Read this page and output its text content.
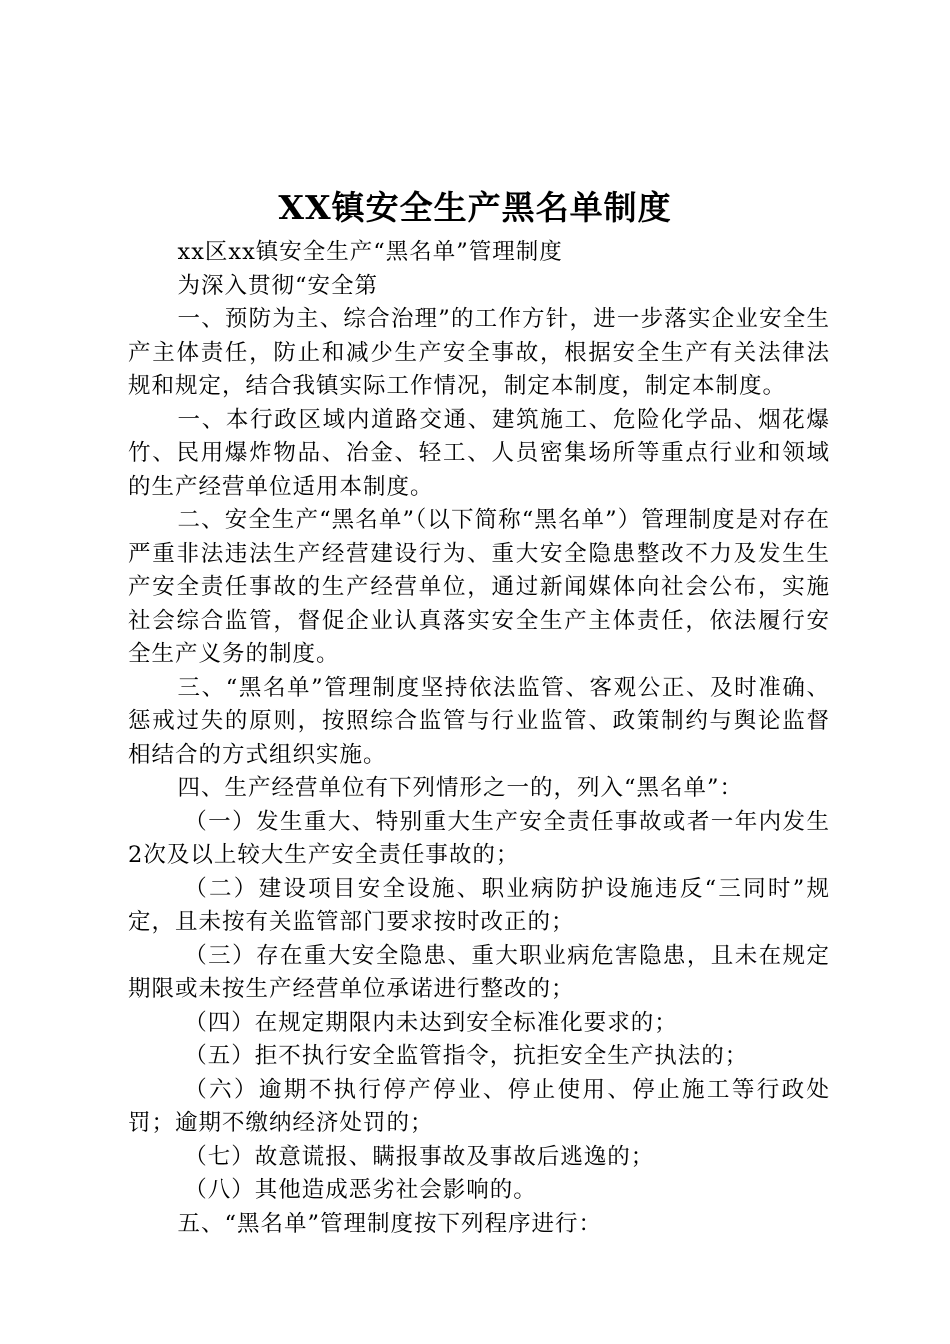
XX镇安全生产黑名单制度

xx区xx镇安全生产“黑名单”管理制度

为深入贯彻“安全第

一、预防为主、综合治理”的工作方针，进一步落实企业安全生产主体责任，防止和减少生产安全事故，根据安全生产有关法律法规和规定，结合我镇实际工作情况，制定本制度，制定本制度。

一、本行政区域内道路交通、建筑施工、危险化学品、烟花爆竹、民用爆炸物品、冶金、轻工、人员密集场所等重点行业和领域的生产经营单位适用本制度。

二、安全生产“黑名单”（以下简称“黑名单”）管理制度是对存在严重非法违法生产经营建设行为、重大安全隐患整改不力及发生生产安全责任事故的生产经营单位，通过新闻媒体向社会公布，实施社会综合监管，督促企业认真落实安全生产主体责任，依法履行安全生产义务的制度。

三、“黑名单”管理制度坚持依法监管、客观公正、及时准确、惩戒过失的原则，按照综合监管与行业监管、政策制约与舆论监督相结合的方式组织实施。

四、生产经营单位有下列情形之一的，列入“黑名单”：

（一）发生重大、特别重大生产安全责任事故或者一年内发生2次及以上较大生产安全责任事故的；

（二）建设项目安全设施、职业病防护设施违反“三同时”规定，且未按有关监管部门要求按时改正的；

（三）存在重大安全隐患、重大职业病危害隐患，且未在规定期限或未按生产经营单位承诺进行整改的；

（四）在规定期限内未达到安全标准化要求的；

（五）拒不执行安全监管指令，抗拒安全生产执法的；

（六）逾期不执行停产停业、停止使用、停止施工等行政处罚；逾期不缴纳经济处罚的；

（七）故意谎报、瞒报事故及事故后逃逸的；

（八）其他造成恶劣社会影响的。

五、“黑名单”管理制度按下列程序进行：
